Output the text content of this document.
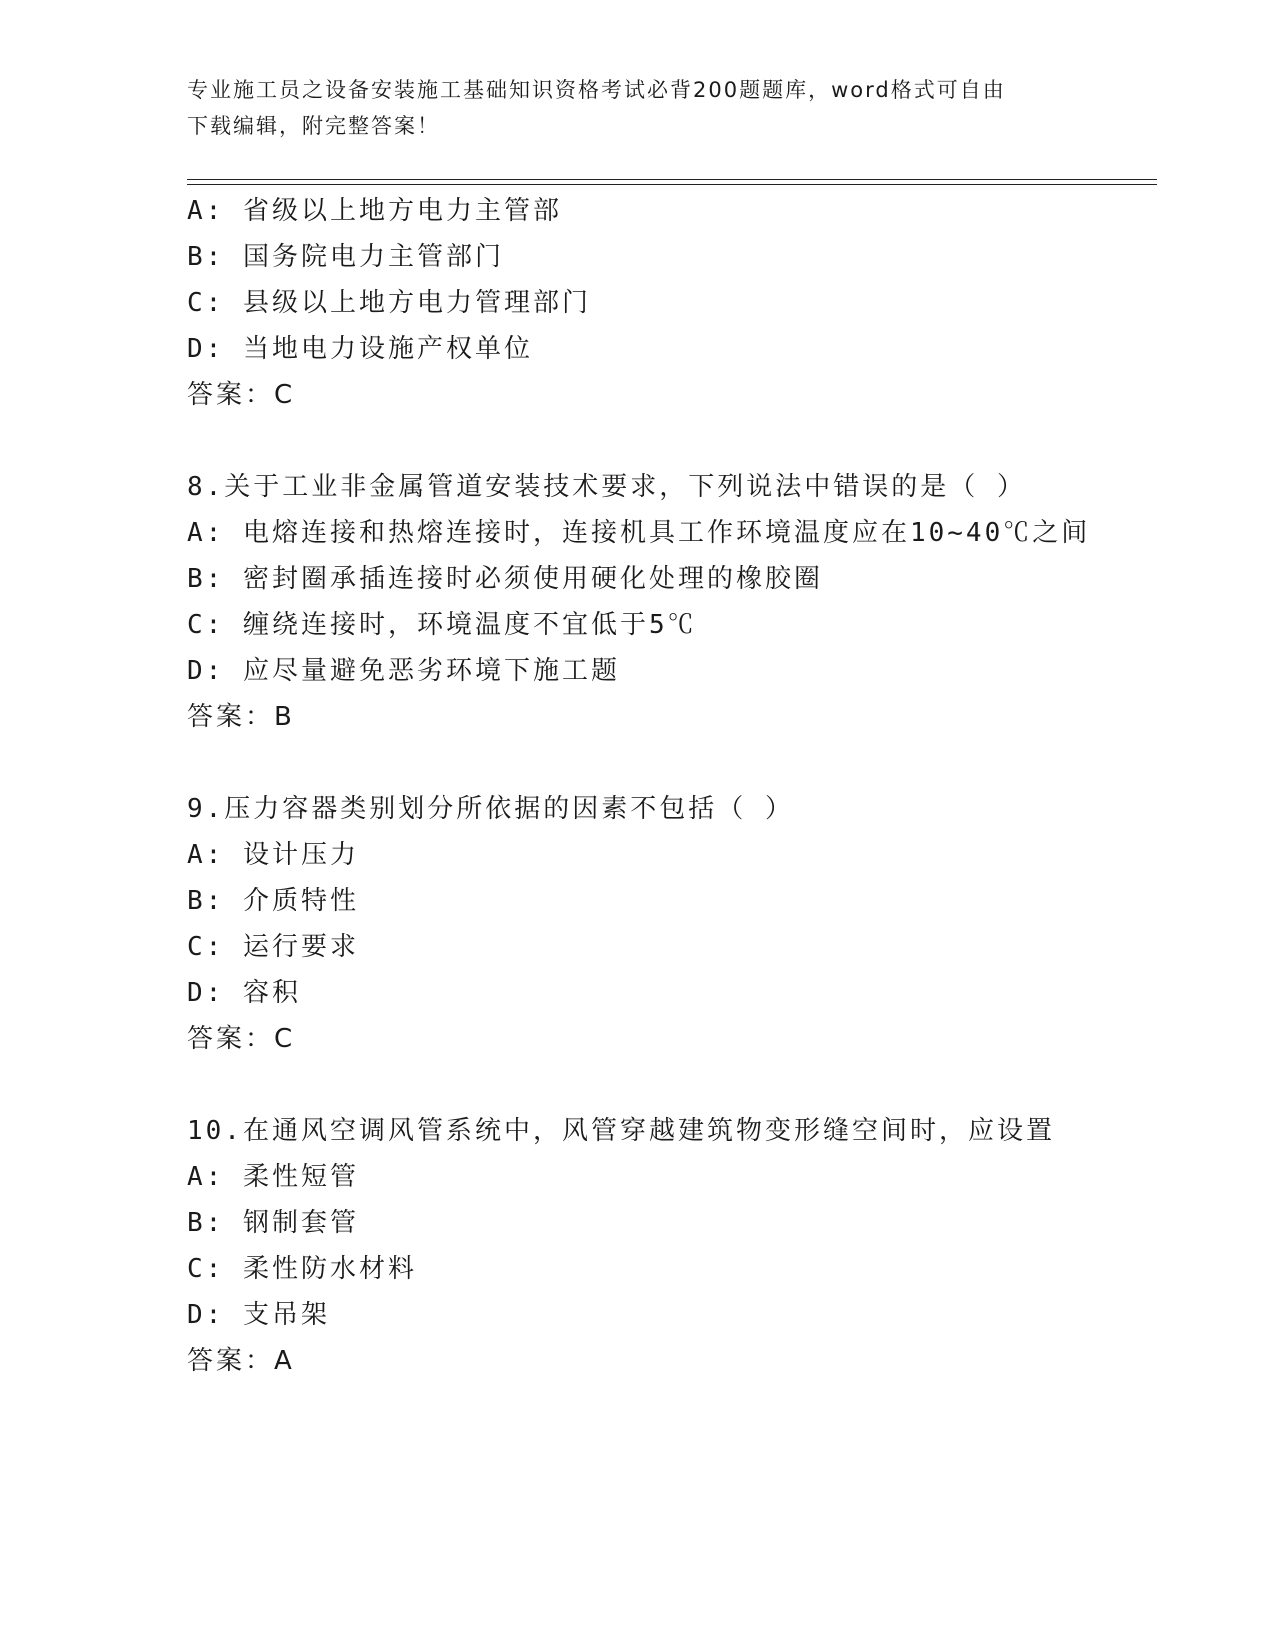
专业施工员之设备安装施工基础知识资格考试必背200题题库，word格式可自由
下载编辑，附完整答案！
A: 省级以上地方电力主管部
B: 国务院电力主管部门
C: 县级以上地方电力管理部门
D: 当地电力设施产权单位
答案：C
8.关于工业非金属管道安装技术要求，下列说法中错误的是（ ）
A: 电熔连接和热熔连接时，连接机具工作环境温度应在10~40℃之间
B: 密封圈承插连接时必须使用硬化处理的橡胶圈
C: 缠绕连接时，环境温度不宜低于5℃
D: 应尽量避免恶劣环境下施工题
答案：B
9.压力容器类别划分所依据的因素不包括（ ）
A: 设计压力
B: 介质特性
C: 运行要求
D: 容积
答案：C
10.在通风空调风管系统中，风管穿越建筑物变形缝空间时，应设置
A: 柔性短管
B: 钢制套管
C: 柔性防水材料
D: 支吊架
答案：A
